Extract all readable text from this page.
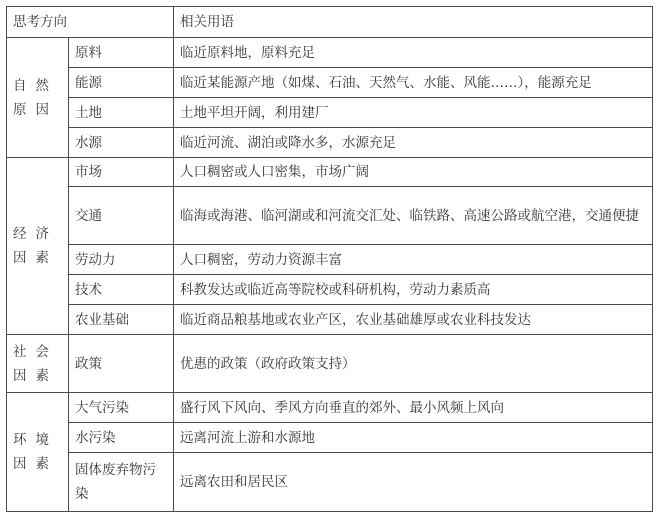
思考方向		相关用语
自然原因	原料	临近原料地，原料充足
	能源	临近某能源产地（如煤、石油、天然气、水能、风能……），能源充足
	土地	土地平坦开阔，利用建厂
	水源	临近河流、湖泊或降水多，水源充足
经济因素	市场	人口稠密或人口密集，市场广阔
	交通	临海或海港、临河湖或和河流交汇处、临铁路、高速公路或航空港，交通便捷
	劳动力	人口稠密，劳动力资源丰富
	技术	科教发达或临近高等院校或科研机构，劳动力素质高
	农业基础	临近商品粮基地或农业产区，农业基础雄厚或农业科技发达
社会因素	政策	优惠的政策（政府政策支持）
环境因素	大气污染	盛行风下风向、季风方向垂直的郊外、最小风频上风向
	水污染	远离河流上游和水源地
	固体废弃物污染	远离农田和居民区
